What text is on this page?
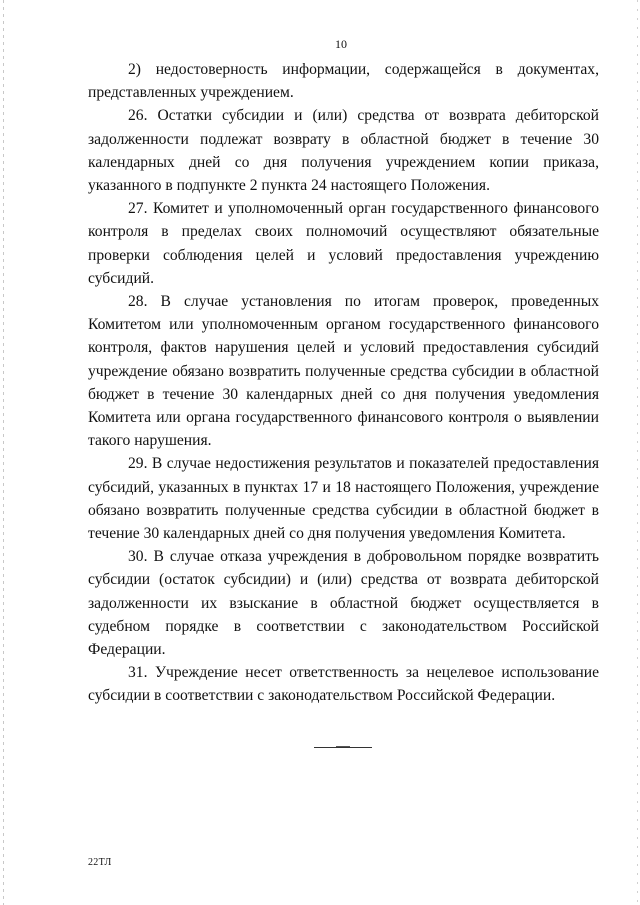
10

2) недостоверность информации, содержащейся в документах, представленных учреждением.

26. Остатки субсидии и (или) средства от возврата дебиторской задолженности подлежат возврату в областной бюджет в течение 30 календарных дней со дня получения учреждением копии приказа, указанного в подпункте 2 пункта 24 настоящего Положения.

27. Комитет и уполномоченный орган государственного финансового контроля в пределах своих полномочий осуществляют обязательные проверки соблюдения целей и условий предоставления учреждению субсидий.

28. В случае установления по итогам проверок, проведенных Комитетом или уполномоченным органом государственного финансового контроля, фактов нарушения целей и условий предоставления субсидий учреждение обязано возвратить полученные средства субсидии в областной бюджет в течение 30 календарных дней со дня получения уведомления Комитета или органа государственного финансового контроля о выявлении такого нарушения.

29. В случае недостижения результатов и показателей предоставления субсидий, указанных в пунктах 17 и 18 настоящего Положения, учреждение обязано возвратить полученные средства субсидии в областной бюджет в течение 30 календарных дней со дня получения уведомления Комитета.

30. В случае отказа учреждения в добровольном порядке возвратить субсидии (остаток субсидии) и (или) средства от возврата дебиторской задолженности их взыскание в областной бюджет осуществляется в судебном порядке в соответствии с законодательством Российской Федерации.

31. Учреждение несет ответственность за нецелевое использование субсидии в соответствии с законодательством Российской Федерации.

22ТЛ
